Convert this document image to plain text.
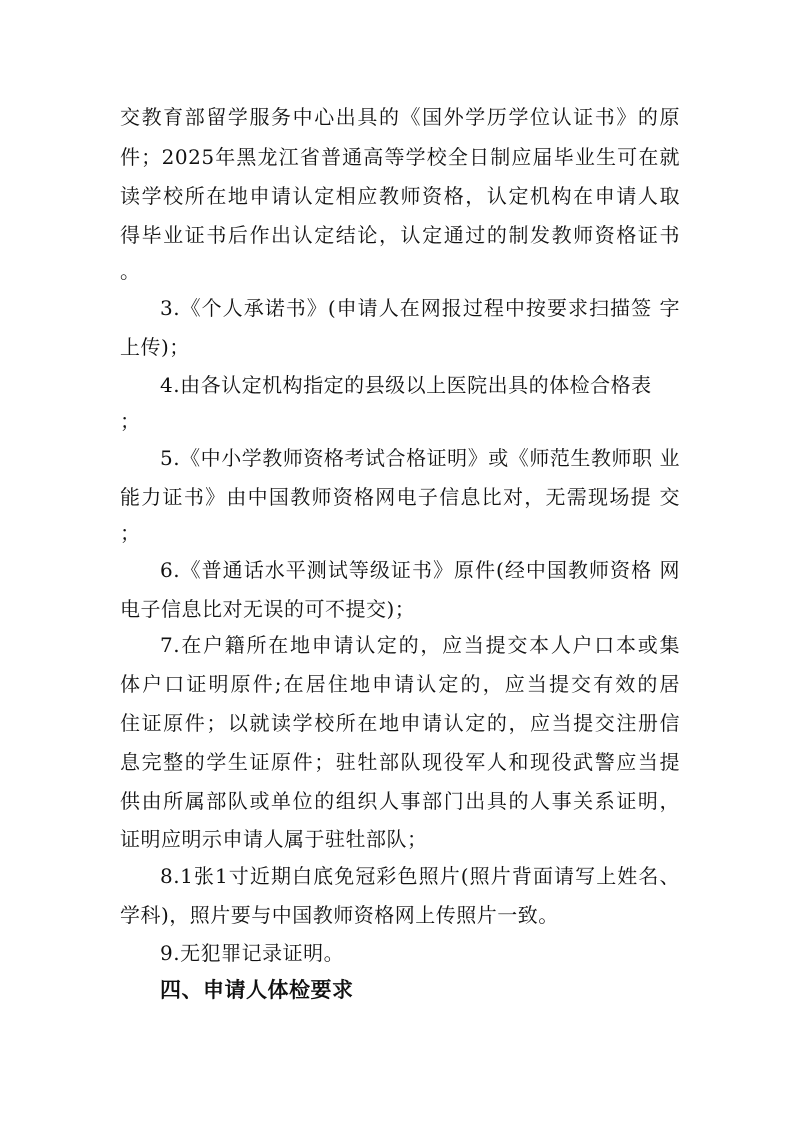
交教育部留学服务中心出具的《国外学历学位认证书》的原
件；2025年黑龙江省普通高等学校全日制应届毕业生可在就
读学校所在地申请认定相应教师资格，认定机构在申请人取
得毕业证书后作出认定结论，认定通过的制发教师资格证书
。
3.《个人承诺书》(申请人在网报过程中按要求扫描签 字
上传)；
4.由各认定机构指定的县级以上医院出具的体检合格表
；
5.《中小学教师资格考试合格证明》或《师范生教师职 业
能力证书》由中国教师资格网电子信息比对，无需现场提 交
；
6.《普通话水平测试等级证书》原件(经中国教师资格 网
电子信息比对无误的可不提交)；
7.在户籍所在地申请认定的，应当提交本人户口本或集
体户口证明原件;在居住地申请认定的，应当提交有效的居
住证原件；以就读学校所在地申请认定的，应当提交注册信
息完整的学生证原件；驻牡部队现役军人和现役武警应当提
供由所属部队或单位的组织人事部门出具的人事关系证明，
证明应明示申请人属于驻牡部队；
8.1张1寸近期白底免冠彩色照片(照片背面请写上姓名、
学科)，照片要与中国教师资格网上传照片一致。
9.无犯罪记录证明。
四、申请人体检要求
